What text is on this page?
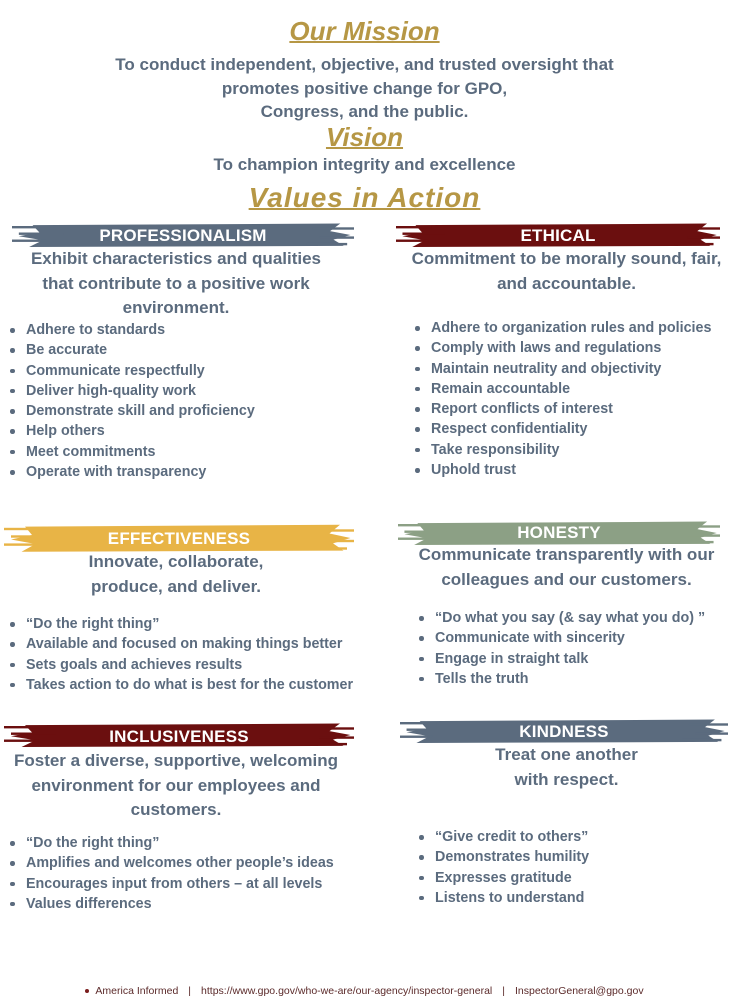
Our Mission
To conduct independent, objective, and trusted oversight that
promotes positive change for GPO,
Congress, and the public.
Vision
To champion integrity and excellence
Values in Action
PROFESSIONALISM
Exhibit characteristics and qualities
that contribute to a positive work
environment.
Adhere to standards
Be accurate
Communicate respectfully
Deliver high-quality work
Demonstrate skill and proficiency
Help others
Meet commitments
Operate with transparency
ETHICAL
Commitment to be morally sound, fair,
and accountable.
Adhere to organization rules and policies
Comply with laws and regulations
Maintain neutrality and objectivity
Remain accountable
Report conflicts of interest
Respect confidentiality
Take responsibility
Uphold trust
EFFECTIVENESS
Innovate, collaborate,
produce, and deliver.
“Do the right thing”
Available and focused on making things better
Sets goals and achieves results
Takes action to do what is best for the customer
HONESTY
Communicate transparently with our
colleagues and our customers.
“Do what you say (& say what you do) ”
Communicate with sincerity
Engage in straight talk
Tells the truth
INCLUSIVENESS
Foster a diverse, supportive, welcoming
environment for our employees and
customers.
“Do the right thing”
Amplifies and welcomes other people’s ideas
Encourages input from others – at all levels
Values differences
KINDNESS
Treat one another
with respect.
“Give credit to others”
Demonstrates humility
Expresses gratitude
Listens to understand
America Informed | https://www.gpo.gov/who-we-are/our-agency/inspector-general | InspectorGeneral@gpo.gov
